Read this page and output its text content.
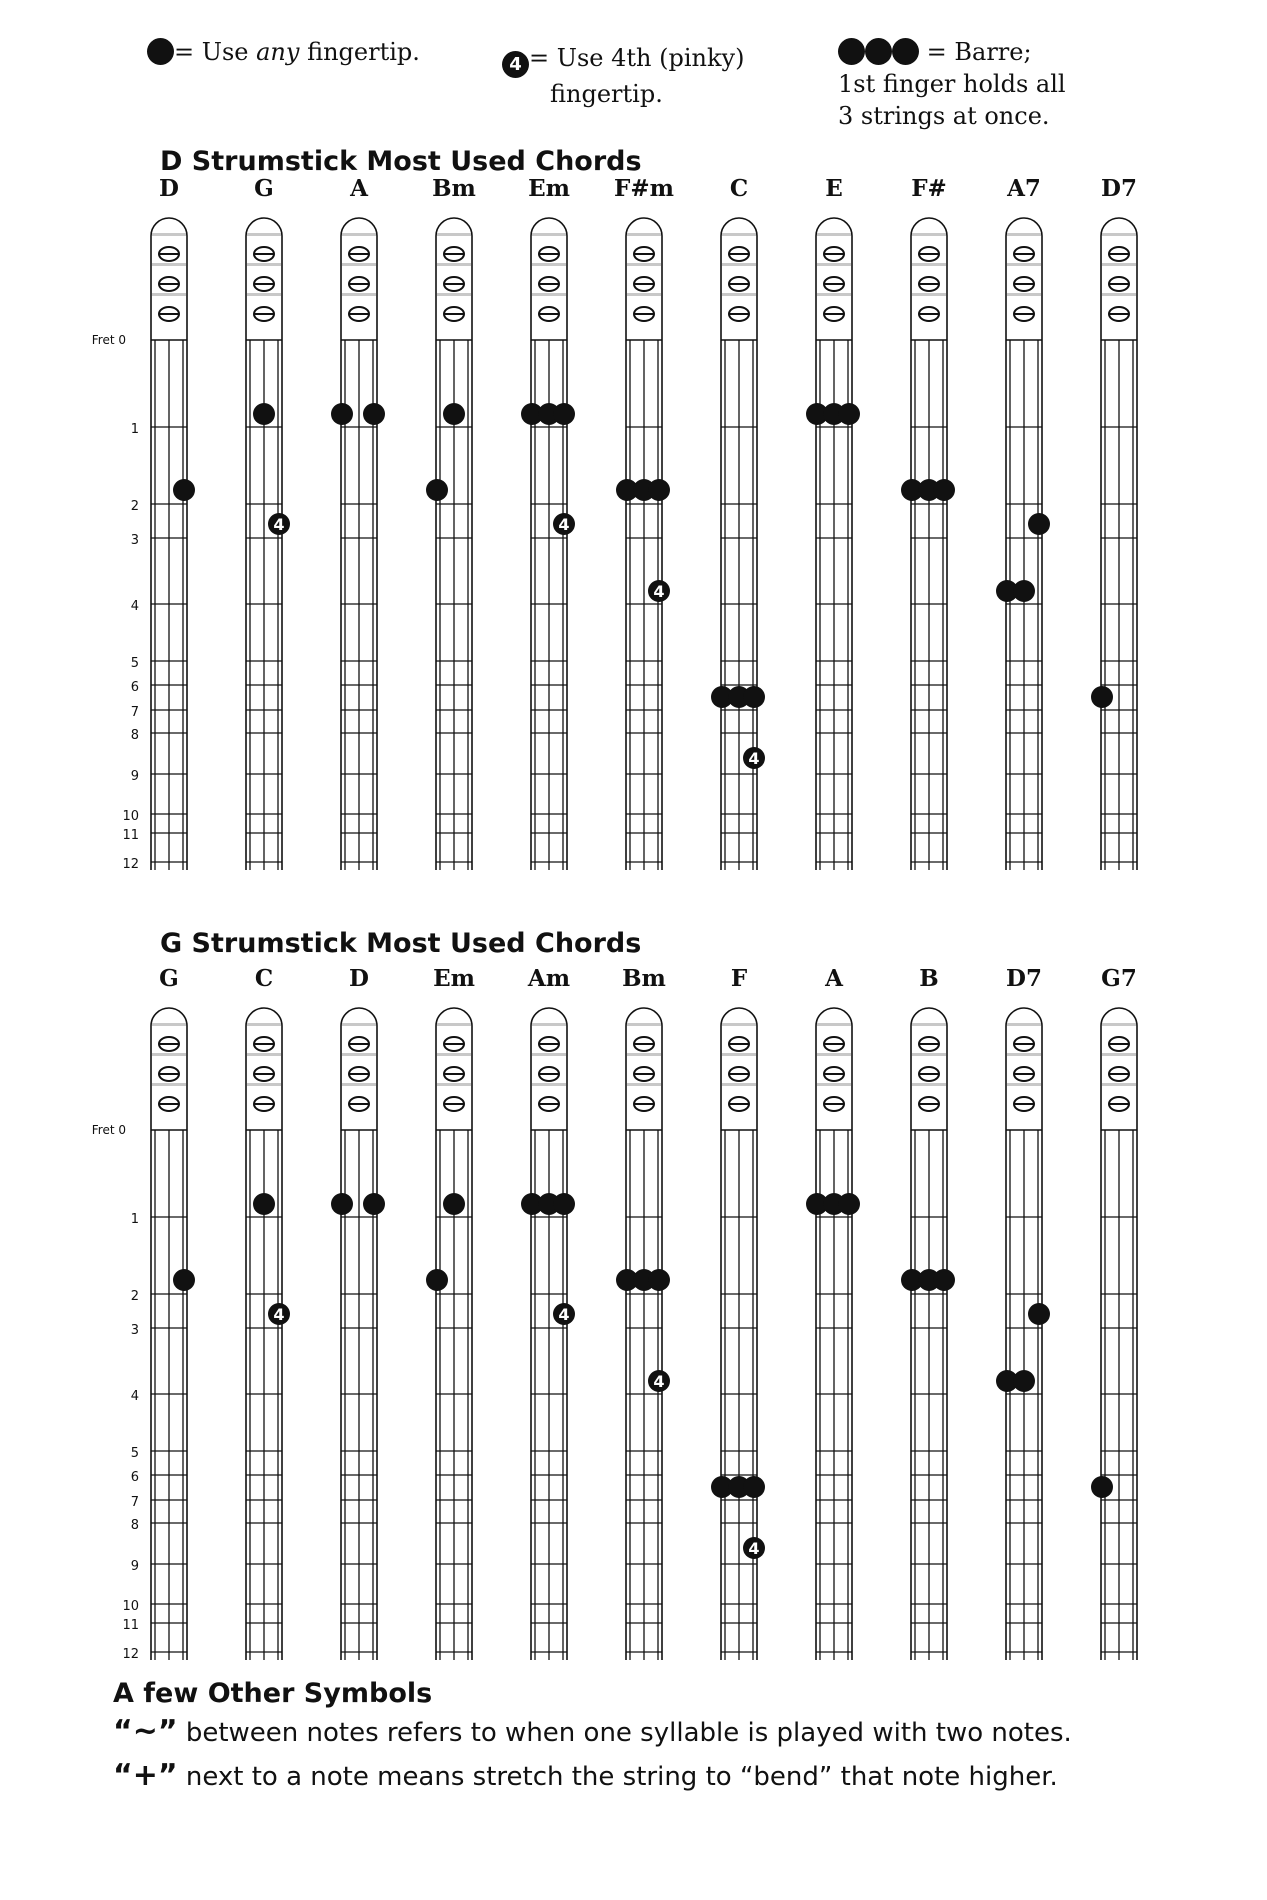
= Use any fingertip.	4 = Use 4th (pinky)
fingertip.
= Barre;
1st finger holds all
3 strings at once.
D Strumstick Most Used Chords
Fret 0
1
2
3
4
5
6
7
8
9
10
11
12
D	G
4
A	Bm Em
4
F#m
4
C
4
E	F#	A7	D7
G Strumstick Most Used Chords
Fret 0
1
2
3
4
5
6
7
8
9
10
11
12
G	C
4
D	Em Am
4
Bm
4
F
4
A	B	D7	G7
A few Other Symbols
“~” between notes refers to when one syllable is played with two notes.
“+” next to a note means stretch the string to “bend” that note higher.
